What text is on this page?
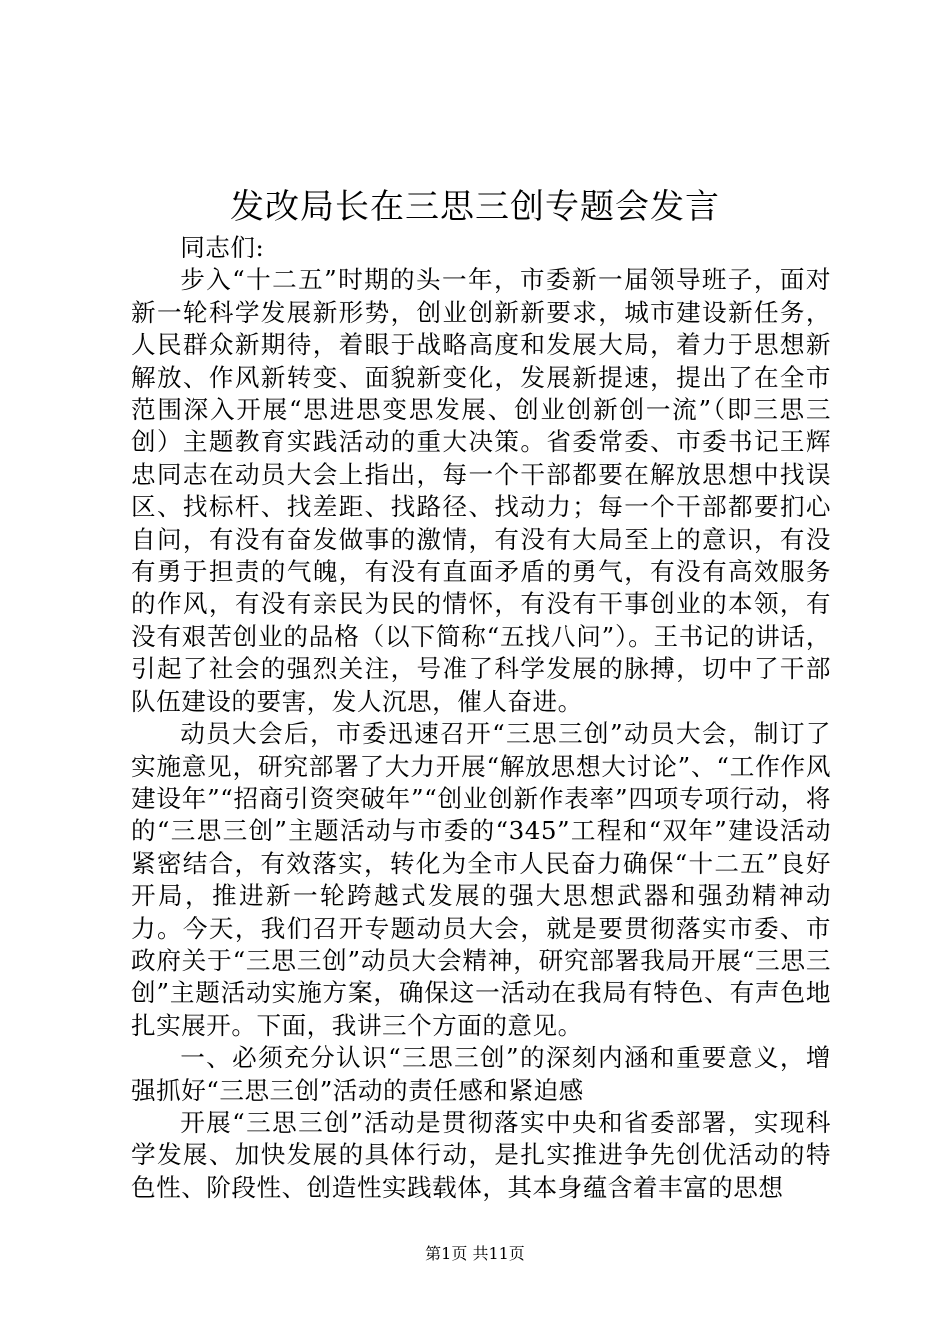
发改局长在三思三创专题会发言

同志们:

步入“十二五”时期的头一年，市委新一届领导班子，面对新一轮科学发展新形势，创业创新新要求，城市建设新任务，人民群众新期待，着眼于战略高度和发展大局，着力于思想新解放、作风新转变、面貌新变化，发展新提速，提出了在全市范围深入开展“思进思变思发展、创业创新创一流”（即三思三创）主题教育实践活动的重大决策。省委常委、市委书记王辉忠同志在动员大会上指出，每一个干部都要在解放思想中找误区、找标杆、找差距、找路径、找动力；每一个干部都要扪心自问，有没有奋发做事的激情，有没有大局至上的意识，有没有勇于担责的气魄，有没有直面矛盾的勇气，有没有高效服务的作风，有没有亲民为民的情怀，有没有干事创业的本领，有没有艰苦创业的品格（以下简称“五找八问”）。王书记的讲话，引起了社会的强烈关注，号准了科学发展的脉搏，切中了干部队伍建设的要害，发人沉思，催人奋进。

动员大会后，市委迅速召开“三思三创”动员大会，制订了实施意见，研究部署了大力开展“解放思想大讨论”、“工作作风建设年”“招商引资突破年”“创业创新作表率”四项专项行动，将的“三思三创”主题活动与市委的“345”工程和“双年”建设活动紧密结合，有效落实，转化为全市人民奋力确保“十二五”良好开局，推进新一轮跨越式发展的强大思想武器和强劲精神动力。今天，我们召开专题动员大会，就是要贯彻落实市委、市政府关于“三思三创”动员大会精神，研究部署我局开展“三思三创”主题活动实施方案，确保这一活动在我局有特色、有声色地扎实展开。下面，我讲三个方面的意见。

一、必须充分认识“三思三创”的深刻内涵和重要意义，增强抓好“三思三创”活动的责任感和紧迫感

开展“三思三创”活动是贯彻落实中央和省委部署，实现科学发展、加快发展的具体行动，是扎实推进争先创优活动的特色性、阶段性、创造性实践载体，其本身蕴含着丰富的思想

第1页 共11页
